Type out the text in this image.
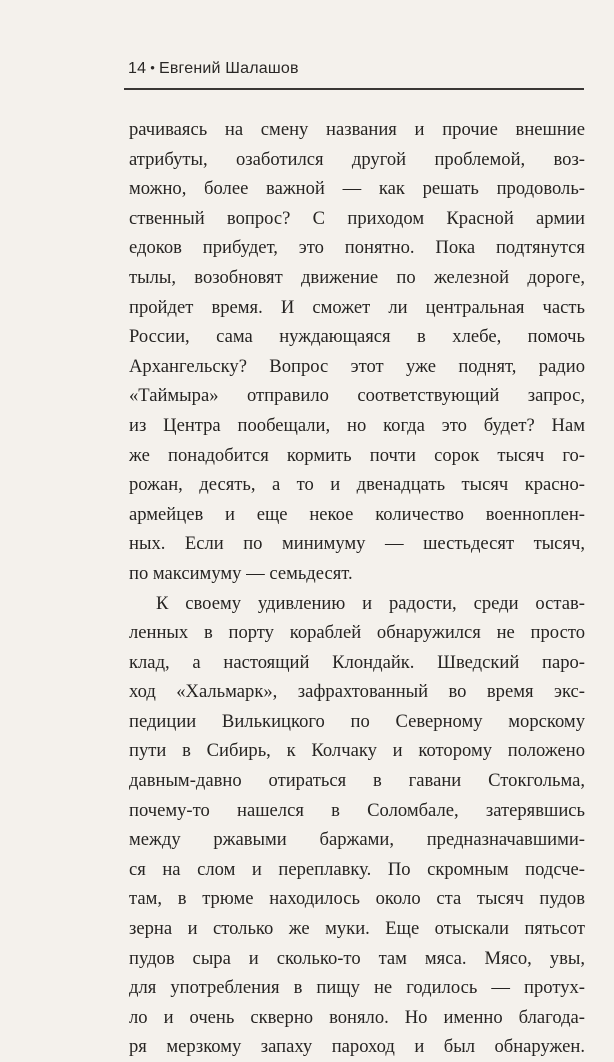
14 • Евгений Шалашов
рачиваясь на смену названия и прочие внешние
атрибуты, озаботился другой проблемой, воз-
можно, более важной — как решать продоволь-
ственный вопрос? С приходом Красной армии
едоков прибудет, это понятно. Пока подтянутся
тылы, возобновят движение по железной дороге,
пройдет время. И сможет ли центральная часть
России, сама нуждающаяся в хлебе, помочь
Архангельску? Вопрос этот уже поднят, радио
«Таймыра» отправило соответствующий запрос,
из Центра пообещали, но когда это будет? Нам
же понадобится кормить почти сорок тысяч го-
рожан, десять, а то и двенадцать тысяч красно-
армейцев и еще некое количество военноплен-
ных. Если по минимуму — шестьдесят тысяч,
по максимуму — семьдесят.
К своему удивлению и радости, среди остав-
ленных в порту кораблей обнаружился не просто
клад, а настоящий Клондайк. Шведский паро-
ход «Хальмарк», зафрахтованный во время экс-
педиции Вилькицкого по Северному морскому
пути в Сибирь, к Колчаку и которому положено
давным-давно отираться в гавани Стокгольма,
почему-то нашелся в Соломбале, затерявшись
между ржавыми баржами, предназначавшими-
ся на слом и переплавку. По скромным подсче-
там, в трюме находилось около ста тысяч пудов
зерна и столько же муки. Еще отыскали пятьсот
пудов сыра и сколько-то там мяса. Мясо, увы,
для употребления в пищу не годилось — протух-
ло и очень скверно воняло. Но именно благода-
ря мерзкому запаху пароход и был обнаружен.
